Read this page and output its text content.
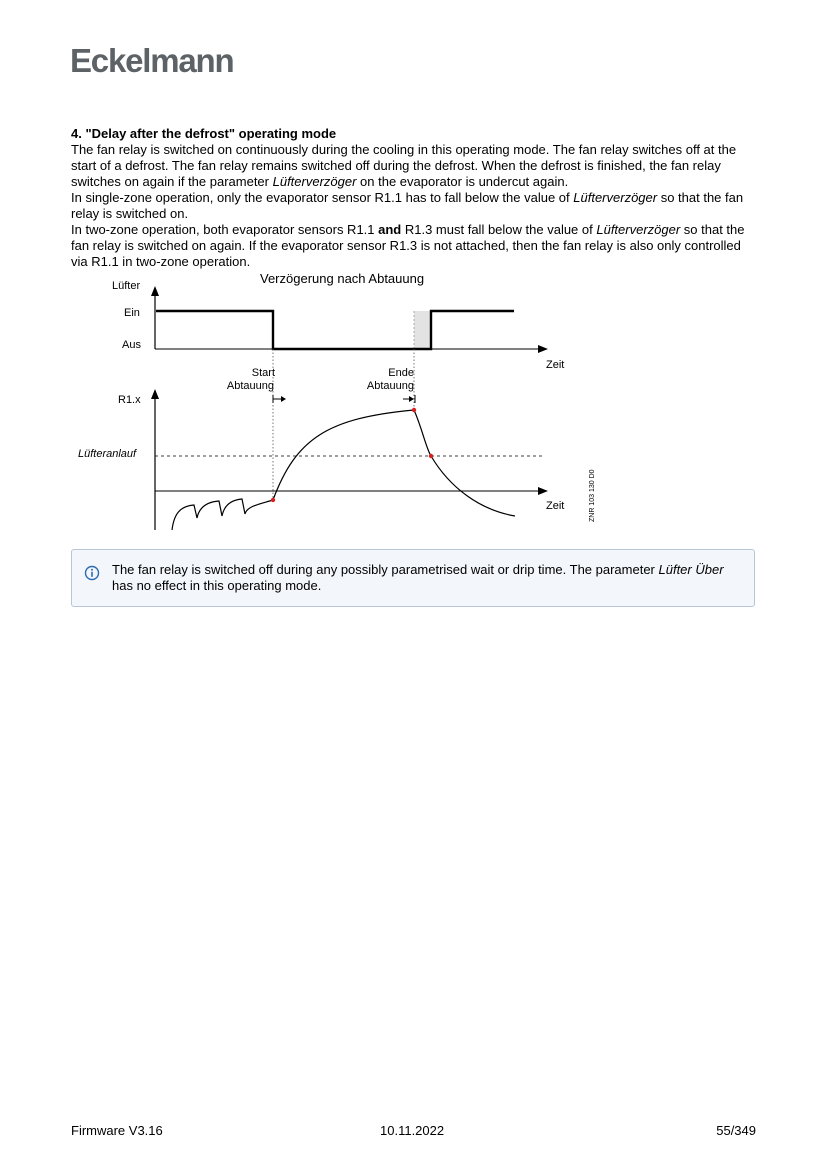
Eckelmann

4. "Delay after the defrost" operating mode

The fan relay is switched on continuously during the cooling in this operating mode. The fan relay switches off at the start of a defrost. The fan relay remains switched off during the defrost. When the defrost is finished, the fan relay switches on again if the parameter Lüfterverzöger on the evaporator is undercut again.

In single-zone operation, only the evaporator sensor R1.1 has to fall below the value of Lüfterverzöger so that the fan relay is switched on.

In two-zone operation, both evaporator sensors R1.1 and R1.3 must fall below the value of Lüfterverzöger so that the fan relay is switched on again. If the evaporator sensor R1.3 is not attached, then the fan relay is also only controlled via R1.1 in two-zone operation.

Verzögerung nach Abtauung
Lüfter
Zeit
Ein
Aus
Start
Abtauung
Ende
Abtauung
R1.x
Zeit
Lüfteranlauf
ZNR 103 130 D0
The fan relay is switched off during any possibly parametrised wait or drip time. The parameter Lüfter Über has no effect in this operating mode.
Firmware V3.16	10.11.2022	55/349
